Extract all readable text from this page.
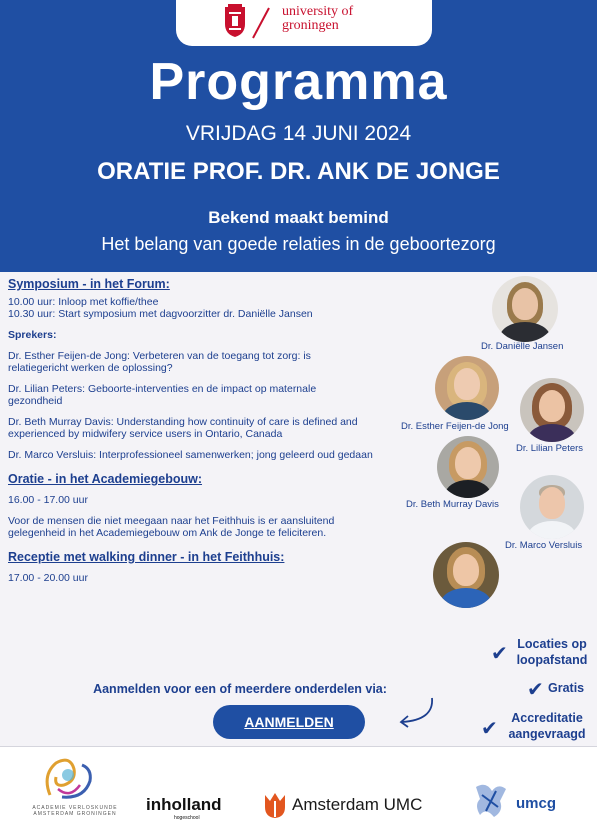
university of groningen
Programma
VRIJDAG 14 JUNI 2024
ORATIE PROF. DR. ANK DE JONGE
Bekend maakt bemind
Het belang van goede relaties in de geboortezorg
Symposium - in het Forum:
10.00 uur: Inloop met koffie/thee
10.30 uur: Start symposium met dagvoorzitter dr. Daniëlle Jansen
Sprekers:
Dr. Esther Feijen-de Jong: Verbeteren van de toegang tot zorg: is relatiegericht werken de oplossing?
Dr. Lilian Peters: Geboorte-interventies en de impact op maternale gezondheid
Dr. Beth Murray Davis: Understanding how continuity of care is defined and experienced by midwifery service users in Ontario, Canada
Dr. Marco Versluis: Interprofessioneel samenwerken; jong geleerd oud gedaan
Oratie - in het Academiegebouw:
16.00 - 17.00 uur
Voor de mensen die niet meegaan naar het Feithhuis is er aansluitend gelegenheid in het Academiegebouw om Ank de Jonge te feliciteren.
Receptie met walking dinner - in het Feithhuis:
17.00 - 20.00 uur
Dr. Daniëlle Jansen
Dr. Esther Feijen-de Jong
Dr. Lilian Peters
Dr. Beth Murray Davis
Dr. Marco Versluis
✔ Locaties op
loopafstand
✔ Gratis
✔	Accreditatie
aangevraagd
Aanmelden voor een of meerdere onderdelen via:
AANMELDEN
ACADEMIE VERLOSKUNDE
AMSTERDAM GRONINGEN inholland
hogeschool
Amsterdam UMC	umcg
